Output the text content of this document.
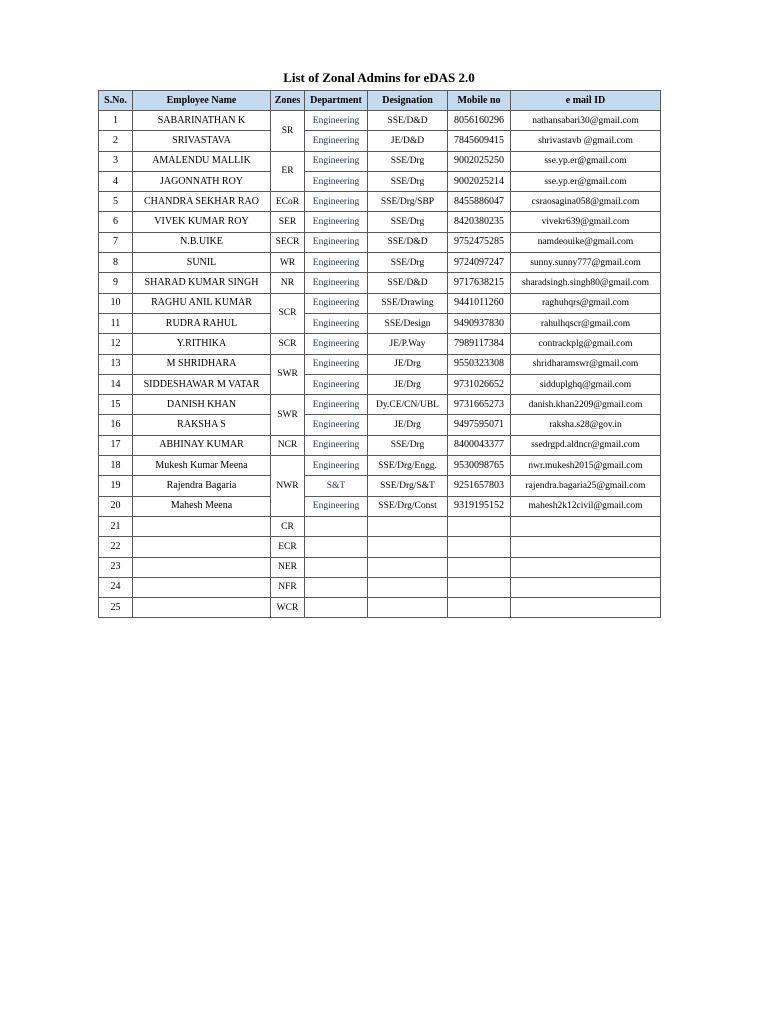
List of Zonal Admins for eDAS 2.0
S.No.	Employee Name	Zones	Department	Designation	Mobile no	e mail ID
1	SABARINATHAN K	SR	Engineering	SSE/D&D	8056160296	nathansabari30@gmail.com
2	SRIVASTAVA		Engineering	JE/D&D	7845609415	shrivastavb @gmail.com
3	AMALENDU MALLIK	ER	Engineering	SSE/Drg	9002025250	sse.yp.er@gmail.com
4	JAGONNATH ROY		Engineering	SSE/Drg	9002025214	sse.yp.er@gmail.com
5	CHANDRA SEKHAR RAO	ECoR	Engineering	SSE/Drg/SBP	8455886047	csraosagina058@gmail.com
6	VIVEK KUMAR ROY	SER	Engineering	SSE/Drg	8420380235	vivekr639@gmail.com
7	N.B.UIKE	SECR	Engineering	SSE/D&D	9752475285	namdeouike@gmail.com
8	SUNIL	WR	Engineering	SSE/Drg	9724097247	sunny.sunny777@gmail.com
9	SHARAD KUMAR SINGH	NR	Engineering	SSE/D&D	9717638215	sharadsingh.singh80@gmail.com
10	RAGHU ANIL KUMAR	SCR	Engineering	SSE/Drawing	9441011260	raghuhqrs@gmail.com
11	RUDRA RAHUL		Engineering	SSE/Design	9490937830	rahulhqscr@gmail.com
12	Y.RITHIKA	SCR	Engineering	JE/P.Way	7989117384	contrackplg@gmail.com
13	M SHRIDHARA	SWR	Engineering	JE/Drg	9550323308	shridharamswr@gmail.com
14	SIDDESHAWAR M VATAR		Engineering	JE/Drg	9731026652	sidduplghq@gmail.com
15	DANISH KHAN	SWR	Engineering	Dy.CE/CN/UBL	9731665273	danish.khan2209@gmail.com
16	RAKSHA S		Engineering	JE/Drg	9497595071	raksha.s28@gov.in
17	ABHINAY KUMAR	NCR	Engineering	SSE/Drg	8400043377	ssedrgpd.aldncr@gmail.com
18	Mukesh Kumar Meena	NWR	Engineering	SSE/Drg/Engg.	9530098765	nwr.mukesh2015@gmail.com
19	Rajendra Bagaria		S&T	SSE/Drg/S&T	9251657803	rajendra.bagaria25@gmail.com
20	Mahesh Meena		Engineering	SSE/Drg/Const	9319195152	mahesh2k12civil@gmail.com
21		CR				
22		ECR				
23		NER				
24		NFR				
25		WCR				
